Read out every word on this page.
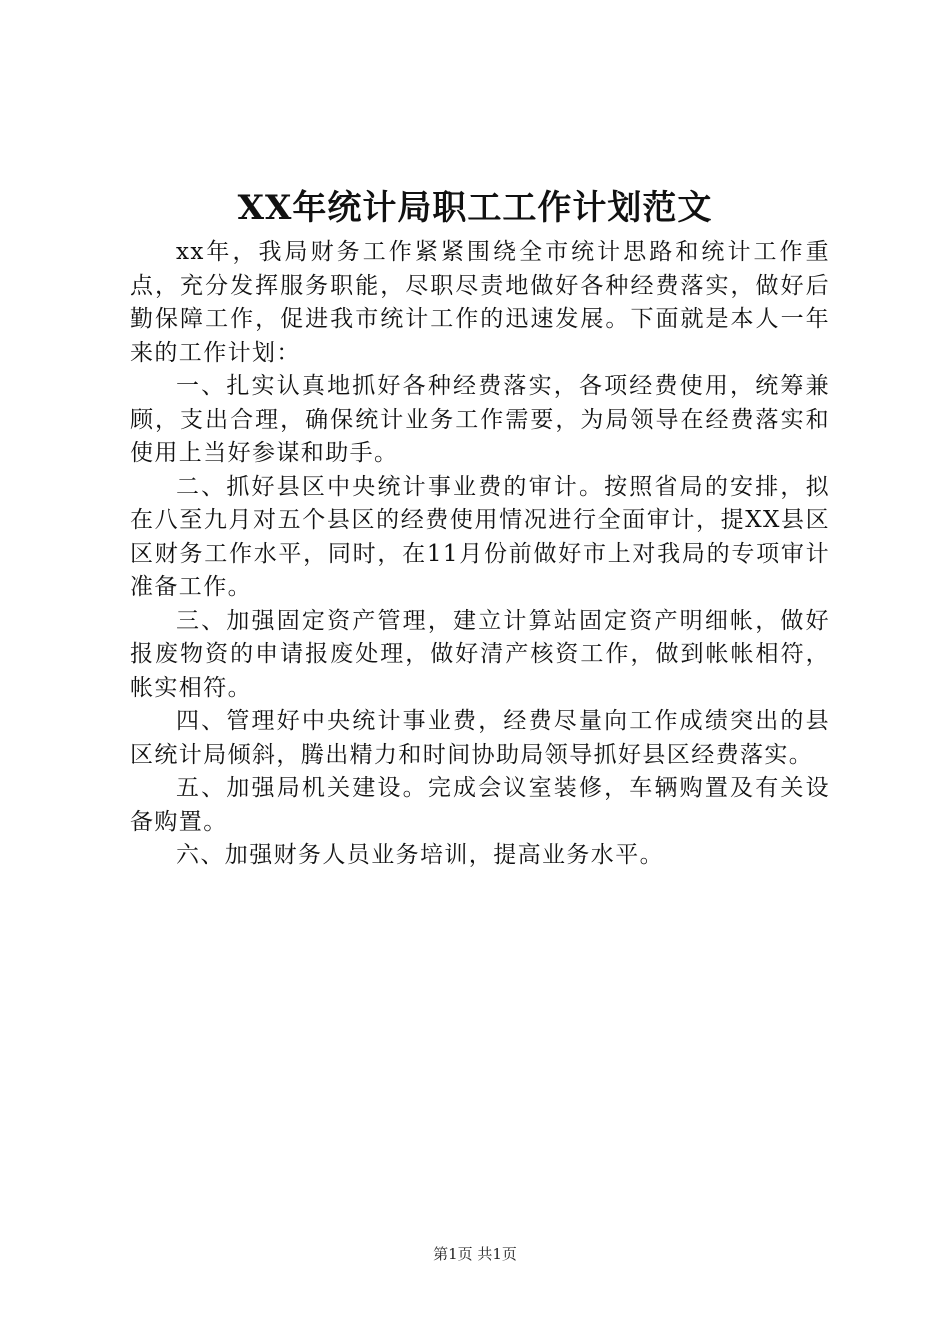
XX年统计局职工工作计划范文

xx年，我局财务工作紧紧围绕全市统计思路和统计工作重点，充分发挥服务职能，尽职尽责地做好各种经费落实，做好后勤保障工作，促进我市统计工作的迅速发展。下面就是本人一年来的工作计划：

一、扎实认真地抓好各种经费落实，各项经费使用，统筹兼顾，支出合理，确保统计业务工作需要，为局领导在经费落实和使用上当好参谋和助手。

二、抓好县区中央统计事业费的审计。按照省局的安排，拟在八至九月对五个县区的经费使用情况进行全面审计，提XX县区区财务工作水平，同时，在11月份前做好市上对我局的专项审计准备工作。

三、加强固定资产管理，建立计算站固定资产明细帐，做好报废物资的申请报废处理，做好清产核资工作，做到帐帐相符，帐实相符。

四、管理好中央统计事业费，经费尽量向工作成绩突出的县区统计局倾斜，腾出精力和时间协助局领导抓好县区经费落实。

五、加强局机关建设。完成会议室装修，车辆购置及有关设备购置。

六、加强财务人员业务培训，提高业务水平。

第1页 共1页
